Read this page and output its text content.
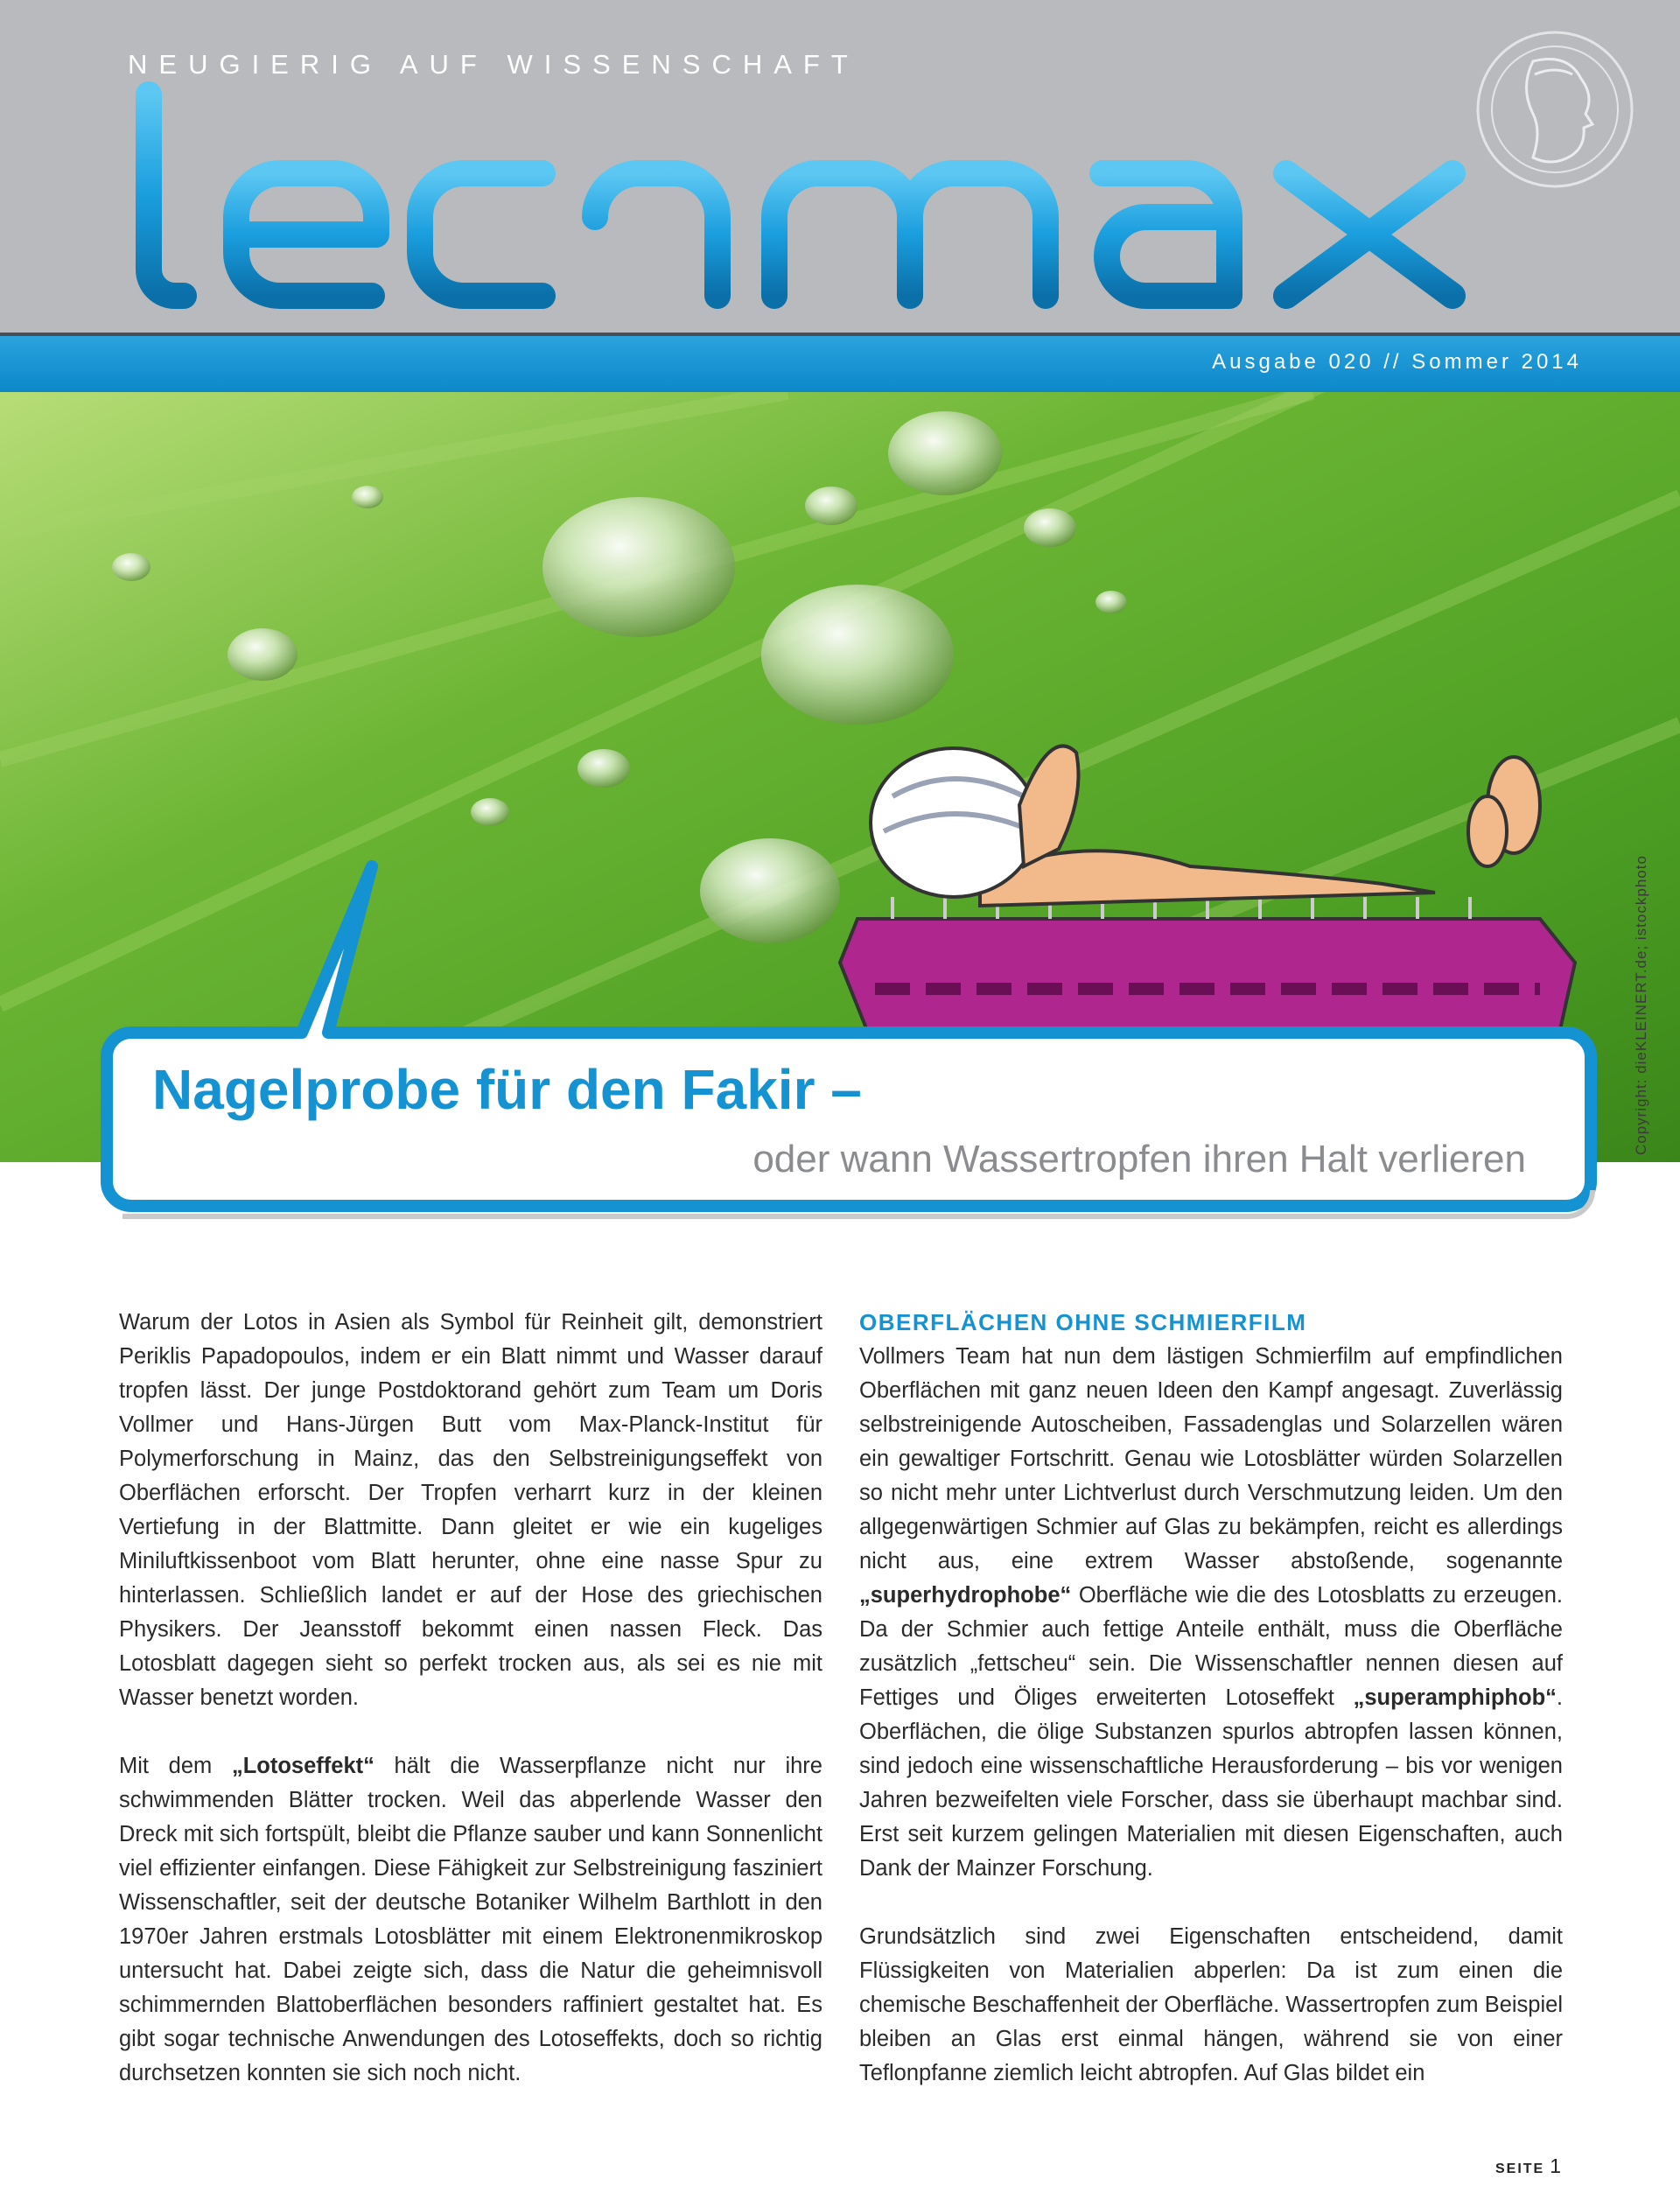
NEUGIERIG AUF WISSENSCHAFT
Ausgabe 020 // Sommer 2014
Copyright: dieKLEINERT.de; istockphoto
Nagelprobe für den Fakir –
oder wann Wassertropfen ihren Halt verlieren

Warum der Lotos in Asien als Symbol für Reinheit gilt, demonstriert Periklis Papadopoulos, indem er ein Blatt nimmt und Wasser darauf tropfen lässt. Der junge Postdoktorand gehört zum Team um Doris Vollmer und Hans-Jürgen Butt vom Max-Planck-Institut für Polymerforschung in Mainz, das den Selbstreinigungseffekt von Oberflächen erforscht. Der Tropfen verharrt kurz in der kleinen Vertiefung in der Blattmitte. Dann gleitet er wie ein kugeliges Miniluftkissenboot vom Blatt herunter, ohne eine nasse Spur zu hinterlassen. Schließlich landet er auf der Hose des griechischen Physikers. Der Jeansstoff bekommt einen nassen Fleck. Das Lotosblatt dagegen sieht so perfekt trocken aus, als sei es nie mit Wasser benetzt worden.

Mit dem „Lotoseffekt“ hält die Wasserpflanze nicht nur ihre schwimmenden Blätter trocken. Weil das abperlende Wasser den Dreck mit sich fortspült, bleibt die Pflanze sauber und kann Sonnenlicht viel effizienter einfangen. Diese Fähigkeit zur Selbstreinigung fasziniert Wissenschaftler, seit der deutsche Botaniker Wilhelm Barthlott in den 1970er Jahren erstmals Lotosblätter mit einem Elektronenmikroskop untersucht hat. Dabei zeigte sich, dass die Natur die geheimnisvoll schimmernden Blattoberflächen besonders raffiniert gestaltet hat. Es gibt sogar technische Anwendungen des Lotoseffekts, doch so richtig durchsetzen konnten sie sich noch nicht.

OBERFLÄCHEN OHNE SCHMIERFILM

Vollmers Team hat nun dem lästigen Schmierfilm auf empfindlichen Oberflächen mit ganz neuen Ideen den Kampf angesagt. Zuverlässig selbstreinigende Autoscheiben, Fassadenglas und Solarzellen wären ein gewaltiger Fortschritt. Genau wie Lotosblätter würden Solarzellen so nicht mehr unter Lichtverlust durch Verschmutzung leiden. Um den allgegenwärtigen Schmier auf Glas zu bekämpfen, reicht es allerdings nicht aus, eine extrem Wasser abstoßende, sogenannte „superhydrophobe“ Oberfläche wie die des Lotosblatts zu erzeugen. Da der Schmier auch fettige Anteile enthält, muss die Oberfläche zusätzlich „fettscheu“ sein. Die Wissenschaftler nennen diesen auf Fettiges und Öliges erweiterten Lotoseffekt „superamphiphob“. Oberflächen, die ölige Substanzen spurlos abtropfen lassen können, sind jedoch eine wissenschaftliche Herausforderung – bis vor wenigen Jahren bezweifelten viele Forscher, dass sie überhaupt machbar sind. Erst seit kurzem gelingen Materialien mit diesen Eigenschaften, auch Dank der Mainzer Forschung.

Grundsätzlich sind zwei Eigenschaften entscheidend, damit Flüssigkeiten von Materialien abperlen: Da ist zum einen die chemische Beschaffenheit der Oberfläche. Wassertropfen zum Beispiel bleiben an Glas erst einmal hängen, während sie von einer Teflonpfanne ziemlich leicht abtropfen. Auf Glas bildet ein

SEITE 1
